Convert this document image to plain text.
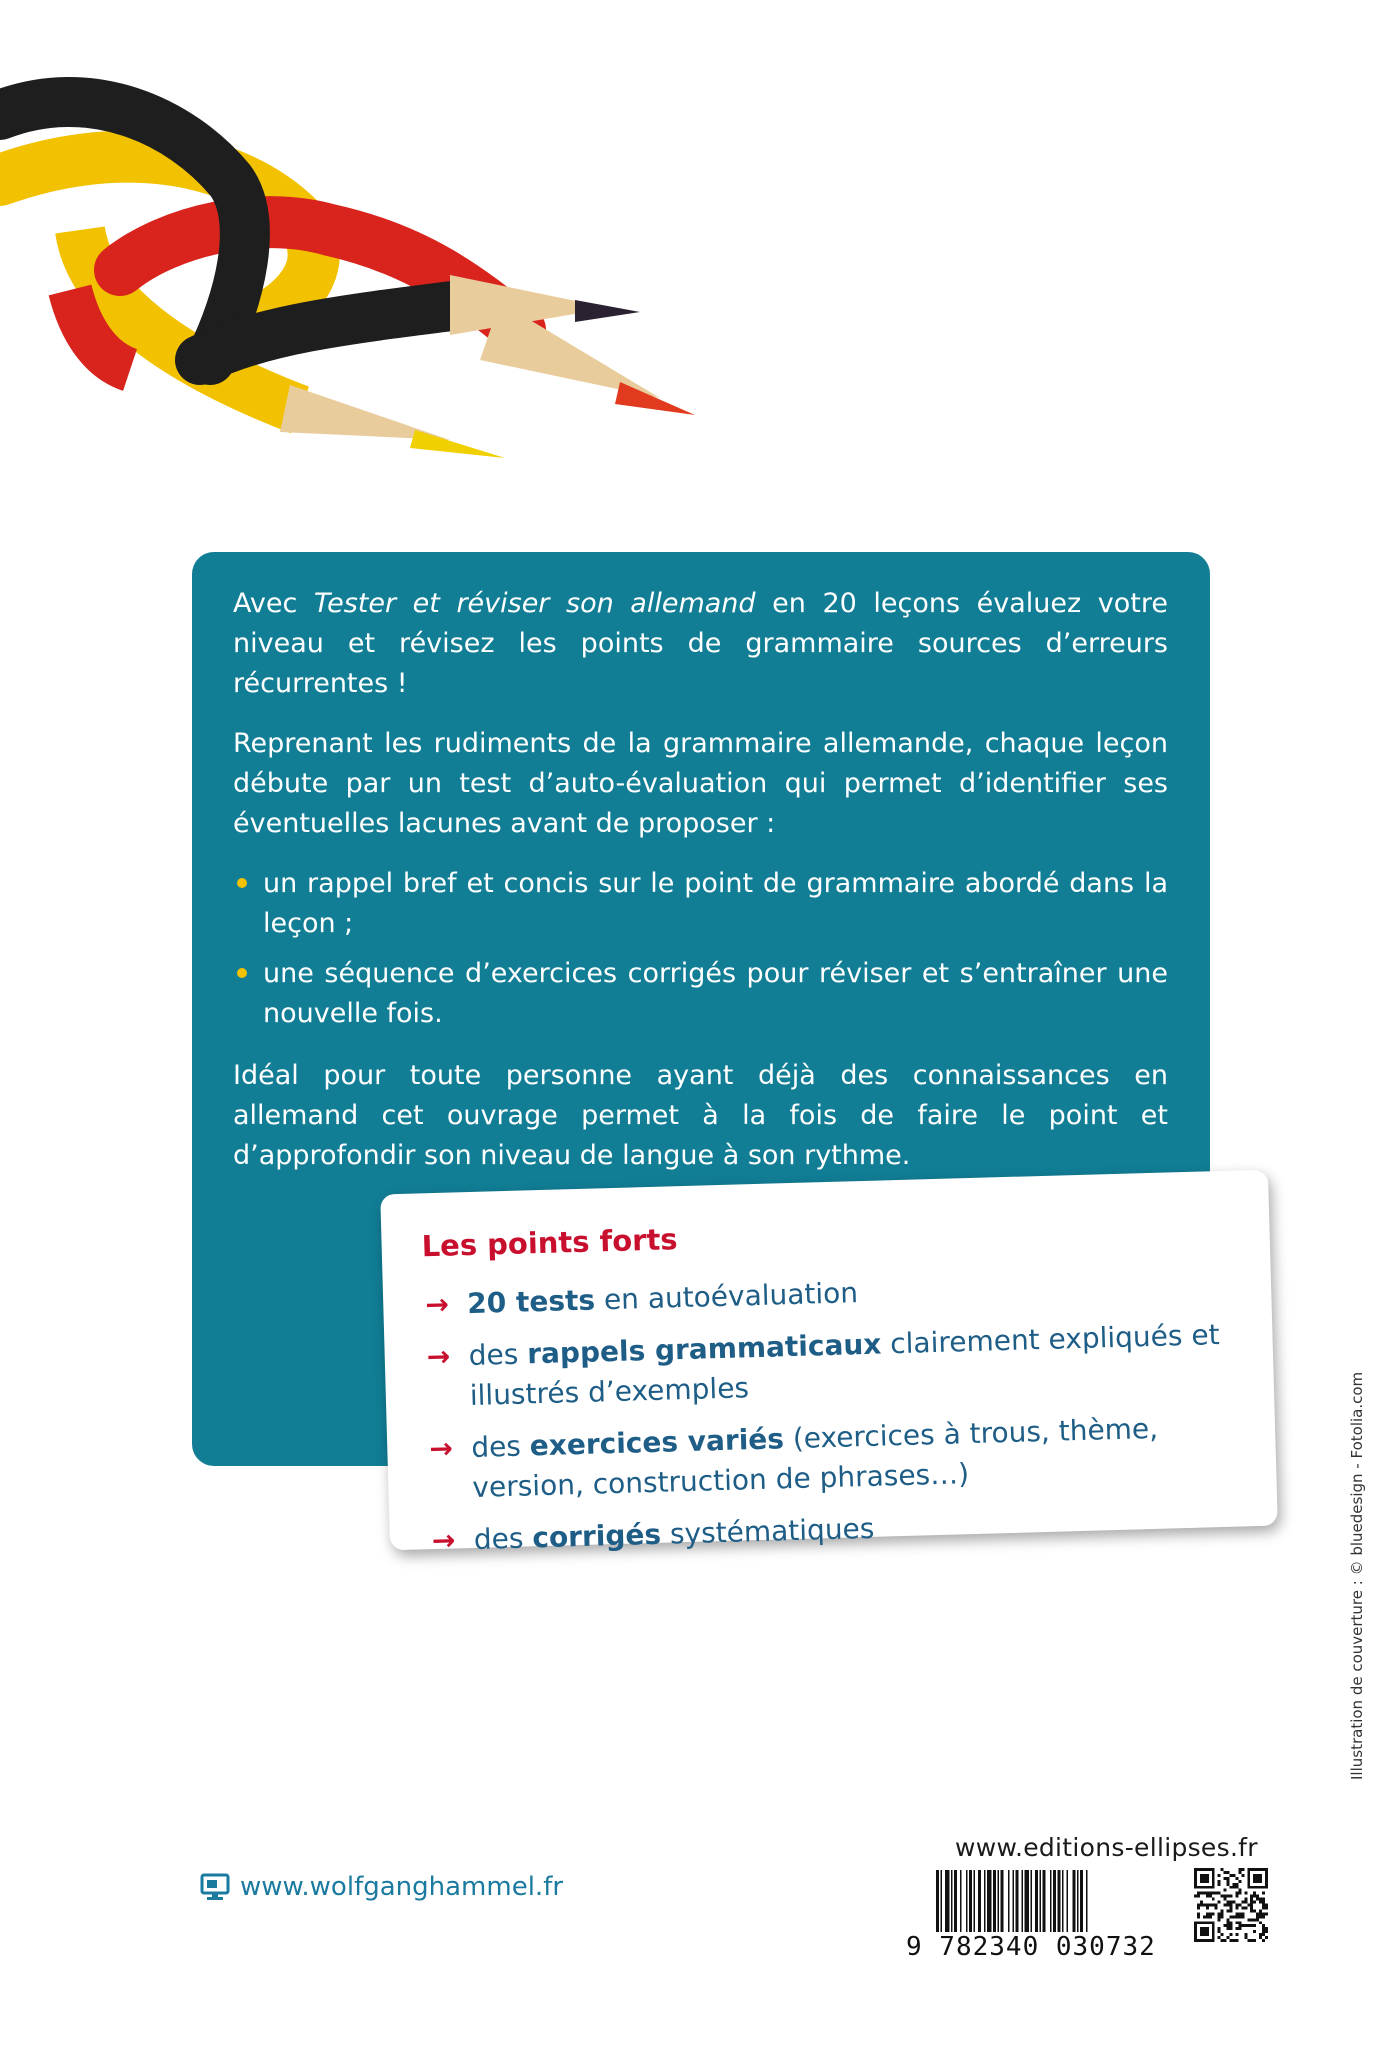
Avec Tester et réviser son allemand en 20 leçons évaluez votre niveau et révisez les points de grammaire sources d’erreurs récurrentes !

Reprenant les rudiments de la grammaire allemande, chaque leçon débute par un test d’auto-évaluation qui permet d’identifier ses éventuelles lacunes avant de proposer :

un rappel bref et concis sur le point de grammaire abordé dans la leçon ;
une séquence d’exercices corrigés pour réviser et s’entraîner une nouvelle fois.

Idéal pour toute personne ayant déjà des connaissances en allemand cet ouvrage permet à la fois de faire le point et d’approfondir son niveau de langue à son rythme.

Les points forts
→ 20 tests en autoévaluation
→ des rappels grammaticaux clairement expliqués et illustrés d’exemples
→ des exercices variés (exercices à trous, thème, version, construction de phrases…)
→ des corrigés systématiques	Illustration de couverture : © bluedesign - Fotolia.com
www.wolfganghammel.fr
www.editions-ellipses.fr
9 782340 030732
